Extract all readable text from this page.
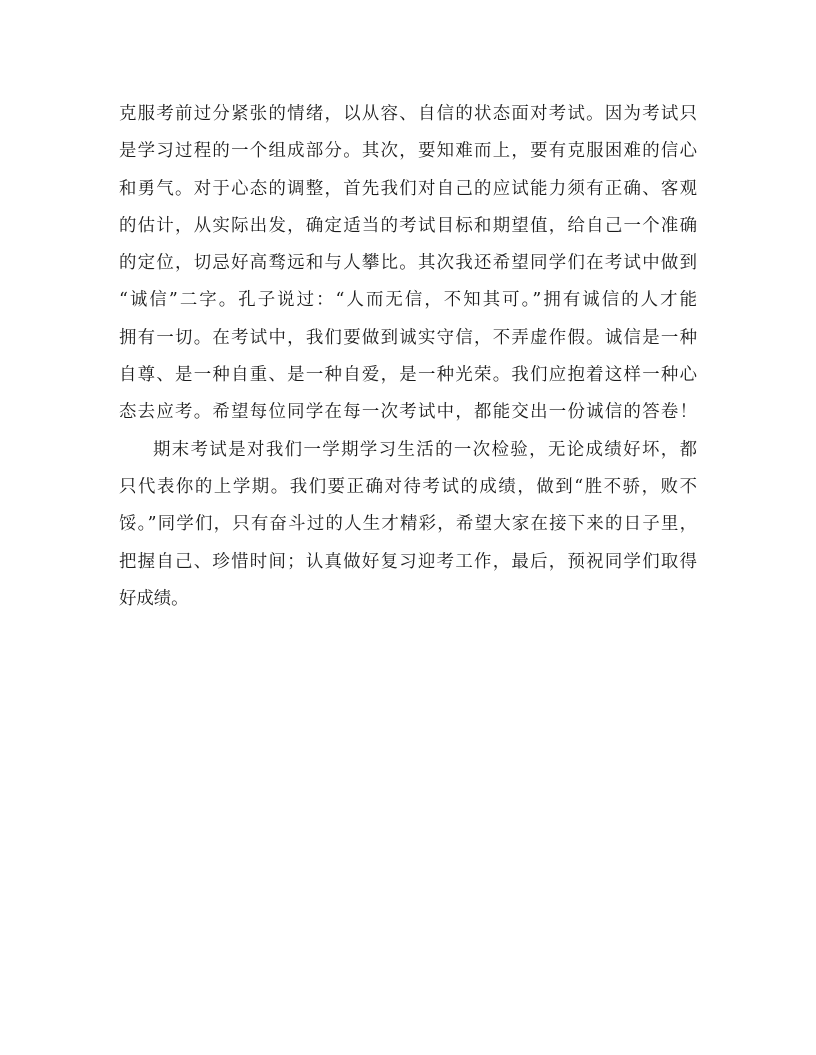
克服考前过分紧张的情绪，以从容、自信的状态面对考试。因为考试只
是学习过程的一个组成部分。其次，要知难而上，要有克服困难的信心
和勇气。对于心态的调整，首先我们对自己的应试能力须有正确、客观
的估计，从实际出发，确定适当的考试目标和期望值，给自己一个准确
的定位，切忌好高骛远和与人攀比。其次我还希望同学们在考试中做到
“诚信”二字。孔子说过：“人而无信，不知其可。”拥有诚信的人才能
拥有一切。在考试中，我们要做到诚实守信，不弄虚作假。诚信是一种
自尊、是一种自重、是一种自爱，是一种光荣。我们应抱着这样一种心
态去应考。希望每位同学在每一次考试中，都能交出一份诚信的答卷！
期末考试是对我们一学期学习生活的一次检验，无论成绩好坏，都
只代表你的上学期。我们要正确对待考试的成绩，做到“胜不骄，败不
馁。”同学们，只有奋斗过的人生才精彩，希望大家在接下来的日子里，
把握自己、珍惜时间；认真做好复习迎考工作，最后，预祝同学们取得
好成绩。
